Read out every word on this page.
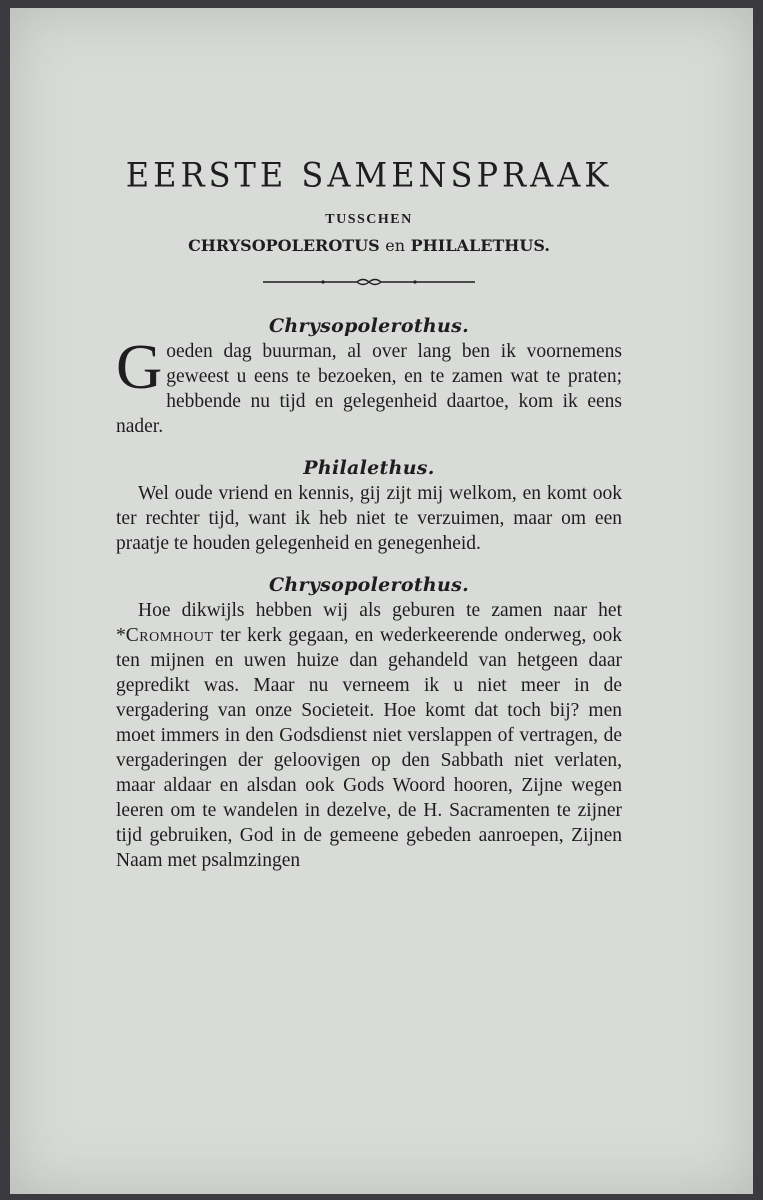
EERSTE SAMENSPRAAK
TUSSCHEN
CHRYSOPOLEROTUS en PHILALETHUS.
Chrysopolerothus.

Goeden dag buurman, al over lang ben ik voornemens geweest u eens te bezoeken, en te zamen wat te praten; hebbende nu tijd en gelegenheid daartoe, kom ik eens nader.

Philalethus.

Wel oude vriend en kennis, gij zijt mij welkom, en komt ook ter rechter tijd, want ik heb niet te verzuimen, maar om een praatje te houden gelegenheid en genegenheid.

Chrysopolerothus.

Hoe dikwijls hebben wij als geburen te zamen naar het *Cromhout ter kerk gegaan, en wederkeerende onderweg, ook ten mijnen en uwen huize dan gehandeld van hetgeen daar gepredikt was. Maar nu verneem ik u niet meer in de vergadering van onze Societeit. Hoe komt dat toch bij? men moet immers in den Godsdienst niet verslappen of vertragen, de vergaderingen der geloovigen op den Sabbath niet verlaten, maar aldaar en alsdan ook Gods Woord hooren, Zijne wegen leeren om te wandelen in dezelve, de H. Sacramenten te zijner tijd gebruiken, God in de gemeene gebeden aanroepen, Zijnen Naam met psalmzingen
